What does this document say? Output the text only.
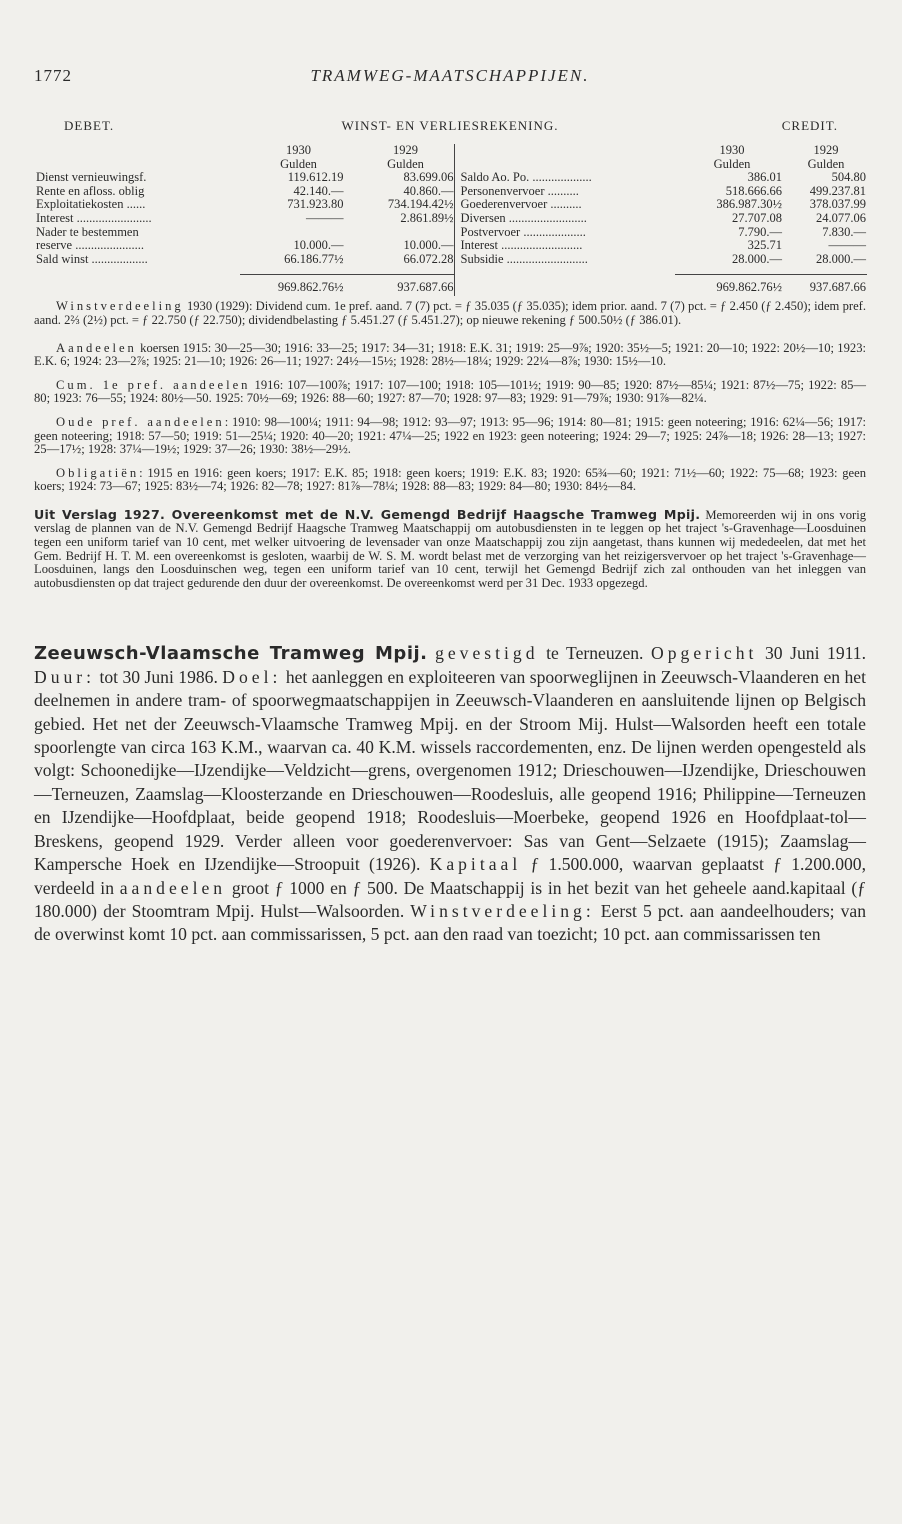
1772	TRAMWEG-MAATSCHAPPIJEN.
DEBET.	WINST- EN VERLIESREKENING.	CREDIT.
1930	1929
Gulden	Gulden
Dienst vernieuwingsf.	119.612.19	83.699.06
Rente en afloss. oblig	42.140.—	40.860.—
Exploitatiekosten ......	731.923.80	734.194.42½
Interest ........................	———	2.861.89½
Nader te bestemmen
reserve ......................	10.000.—	10.000.—
Sald winst ..................	66.186.77½	66.072.28
969.862.76½	937.687.66
1930	1929
Gulden	Gulden
Saldo Ao. Po. ...................	386.01	504.80
Personenvervoer ..........	518.666.66	499.237.81
Goederenvervoer ..........	386.987.30½	378.037.99
Diversen .........................	27.707.08	24.077.06
Postvervoer ....................	7.790.—	7.830.—
Interest ..........................	325.71	———
Subsidie ..........................	28.000.—	28.000.—
969.862.76½	937.687.66

Winstverdeeling 1930 (1929): Dividend cum. 1e pref. aand. 7 (7) pct. = ƒ 35.035 (ƒ 35.035); idem prior. aand. 7 (7) pct. = ƒ 2.450 (ƒ 2.450); idem pref. aand. 2⅔ (2½) pct. = ƒ 22.750 (ƒ 22.750); dividendbelasting ƒ 5.451.27 (ƒ 5.451.27); op nieuwe rekening ƒ 500.50½ (ƒ 386.01).

Aandeelen koersen 1915: 30—25—30; 1916: 33—25; 1917: 34—31; 1918: E.K. 31; 1919: 25—9⅞; 1920: 35½—5; 1921: 20—10; 1922: 20½—10; 1923: E.K. 6; 1924: 23—2⅞; 1925: 21—10; 1926: 26—11; 1927: 24½—15½; 1928: 28½—18¼; 1929: 22¼—8⅞; 1930: 15½—10.

Cum. 1e pref. aandeelen 1916: 107—100⅞; 1917: 107—100; 1918: 105—101½; 1919: 90—85; 1920: 87½—85¼; 1921: 87½—75; 1922: 85—80; 1923: 76—55; 1924: 80½—50. 1925: 70½—69; 1926: 88—60; 1927: 87—70; 1928: 97—83; 1929: 91—79⅞; 1930: 91⅞—82¼.

Oude pref. aandeelen: 1910: 98—100¼; 1911: 94—98; 1912: 93—97; 1913: 95—96; 1914: 80—81; 1915: geen noteering; 1916: 62¼—56; 1917: geen noteering; 1918: 57—50; 1919: 51—25¼; 1920: 40—20; 1921: 47¼—25; 1922 en 1923: geen noteering; 1924: 29—7; 1925: 24⅞—18; 1926: 28—13; 1927: 25—17½; 1928: 37¼—19½; 1929: 37—26; 1930: 38½—29½.

Obligatiën: 1915 en 1916: geen koers; 1917: E.K. 85; 1918: geen koers; 1919: E.K. 83; 1920: 65¾—60; 1921: 71½—60; 1922: 75—68; 1923: geen koers; 1924: 73—67; 1925: 83½—74; 1926: 82—78; 1927: 81⅞—78¼; 1928: 88—83; 1929: 84—80; 1930: 84½—84.

Uit Verslag 1927. Overeenkomst met de N.V. Gemengd Bedrijf Haagsche Tramweg Mpij. Memoreerden wij in ons vorig verslag de plannen van de N.V. Gemengd Bedrijf Haagsche Tramweg Maatschappij om autobusdiensten in te leggen op het traject 's-Gravenhage—Loosduinen tegen een uniform tarief van 10 cent, met welker uitvoering de levensader van onze Maatschappij zou zijn aangetast, thans kunnen wij mededeelen, dat met het Gem. Bedrijf H. T. M. een overeenkomst is gesloten, waarbij de W. S. M. wordt belast met de verzorging van het reizigersvervoer op het traject 's-Gravenhage—Loosduinen, langs den Loosduinschen weg, tegen een uniform tarief van 10 cent, terwijl het Gemengd Bedrijf zich zal onthouden van het inleggen van autobusdiensten op dat traject gedurende den duur der overeenkomst. De overeenkomst werd per 31 Dec. 1933 opgezegd.

Zeeuwsch-Vlaamsche Tramweg Mpij. gevestigd te Terneuzen. Opgericht 30 Juni 1911. Duur: tot 30 Juni 1986. Doel: het aanleggen en exploiteeren van spoorweglijnen in Zeeuwsch-Vlaanderen en het deelnemen in andere tram- of spoorwegmaatschappijen in Zeeuwsch-Vlaanderen en aansluitende lijnen op Belgisch gebied. Het net der Zeeuwsch-Vlaamsche Tramweg Mpij. en der Stroom Mij. Hulst—Walsorden heeft een totale spoorlengte van circa 163 K.M., waarvan ca. 40 K.M. wissels raccordementen, enz. De lijnen werden opengesteld als volgt: Schoonedijke—IJzendijke—Veldzicht—grens, overgenomen 1912; Drieschouwen—IJzendijke, Drieschouwen—Terneuzen, Zaamslag—Kloosterzande en Drieschouwen—Roodesluis, alle geopend 1916; Philippine—Terneuzen en IJzendijke—Hoofdplaat, beide geopend 1918; Roodesluis—Moerbeke, geopend 1926 en Hoofdplaat-tol—Breskens, geopend 1929. Verder alleen voor goederenvervoer: Sas van Gent—Selzaete (1915); Zaamslag—Kampersche Hoek en IJzendijke—Stroopuit (1926). Kapitaal ƒ 1.500.000, waarvan geplaatst ƒ 1.200.000, verdeeld in aandeelen groot ƒ 1000 en ƒ 500. De Maatschappij is in het bezit van het geheele aand.kapitaal (ƒ 180.000) der Stoomtram Mpij. Hulst—Walsoorden. Winstverdeeling: Eerst 5 pct. aan aandeelhouders; van de overwinst komt 10 pct. aan commissarissen, 5 pct. aan den raad van toezicht; 10 pct. aan commissarissen ten
